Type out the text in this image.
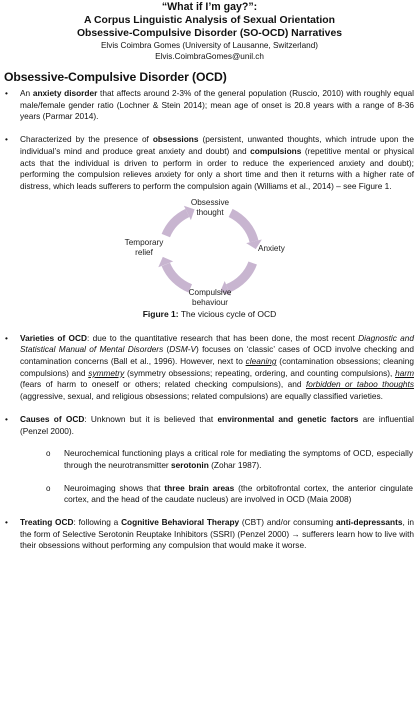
“What if I’m gay?”:
A Corpus Linguistic Analysis of Sexual Orientation
Obsessive-Compulsive Disorder (SO-OCD) Narratives
Elvis Coimbra Gomes (University of Lausanne, Switzerland)
Elvis.CoimbraGomes@unil.ch
Obsessive-Compulsive Disorder (OCD)
• An anxiety disorder that affects around 2-3% of the general population (Ruscio, 2010) with roughly equal male/female gender ratio (Lochner & Stein 2014); mean age of onset is 20.8 years with a range of 8-36 years (Parmar 2014).
• Characterized by the presence of obsessions (persistent, unwanted thoughts, which intrude upon the individual’s mind and produce great anxiety and doubt) and compulsions (repetitive mental or physical acts that the individual is driven to perform in order to reduce the experienced anxiety and doubt); performing the compulsion relieves anxiety for only a short time and then it returns with a higher rate of distress, which leads sufferers to perform the compulsion again (Williams et al., 2014) – see Figure 1.
Obsessive
thought
Anxiety
Compulsive
behaviour
Temporary
relief
Figure 1: The vicious cycle of OCD
• Varieties of OCD: due to the quantitative research that has been done, the most recent Diagnostic and Statistical Manual of Mental Disorders (DSM-V) focuses on ‘classic’ cases of OCD involve checking and contamination concerns (Ball et al., 1996). However, next to cleaning (contamination obsessions; cleaning compulsions) and symmetry (symmetry obsessions; repeating, ordering, and counting compulsions), harm (fears of harm to oneself or others; related checking compulsions), and forbidden or taboo thoughts (aggressive, sexual, and religious obsessions; related compulsions) are equally classified varieties.
• Causes of OCD: Unknown but it is believed that environmental and genetic factors are influential (Penzel 2000).
o Neurochemical functioning plays a critical role for mediating the symptoms of OCD, especially through the neurotransmitter serotonin (Zohar 1987).
o Neuroimaging shows that three brain areas (the orbitofrontal cortex, the anterior cingulate cortex, and the head of the caudate nucleus) are involved in OCD (Maia 2008)
• Treating OCD: following a Cognitive Behavioral Therapy (CBT) and/or consuming anti-depressants, in the form of Selective Serotonin Reuptake Inhibitors (SSRI) (Penzel 2000) → sufferers learn how to live with their obsessions without performing any compulsion that would make it worse.
